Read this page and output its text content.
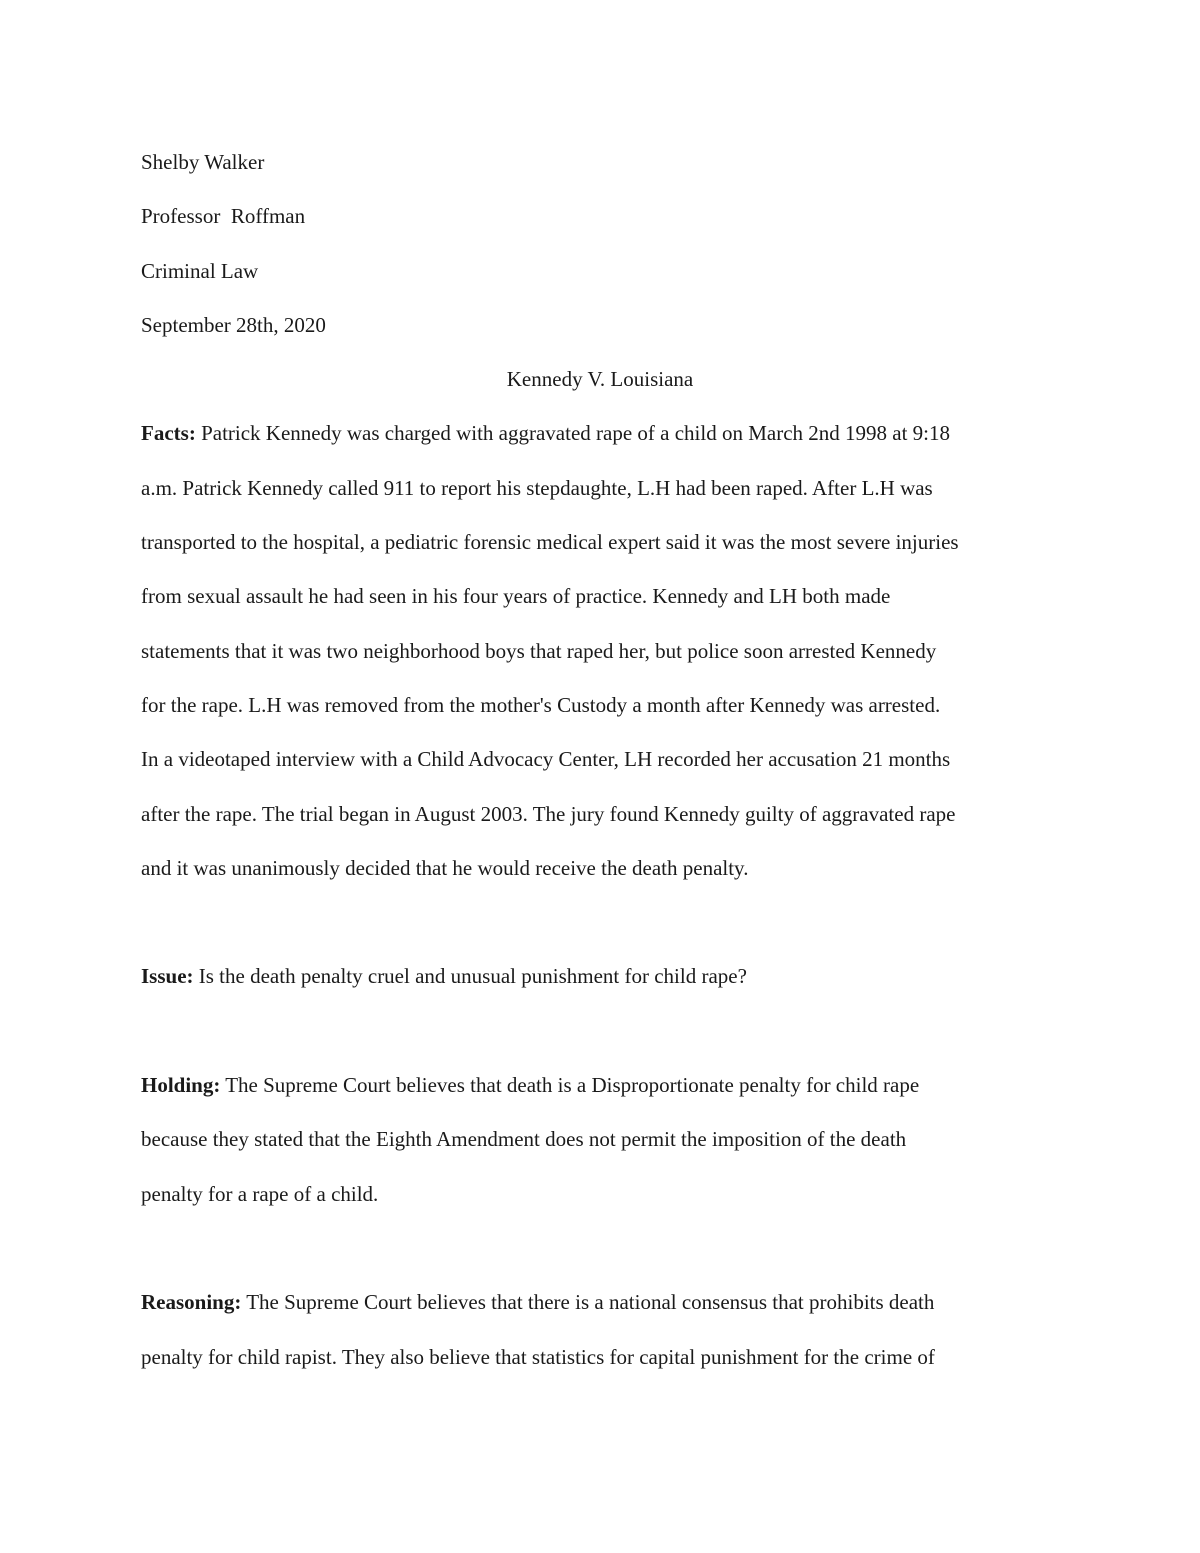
Shelby Walker

Professor  Roffman

Criminal Law

September 28th, 2020

Kennedy V. Louisiana

Facts: Patrick Kennedy was charged with aggravated rape of a child on March 2nd 1998 at 9:18

a.m. Patrick Kennedy called 911 to report his stepdaughte, L.H had been raped. After L.H was

transported to the hospital, a pediatric forensic medical expert said it was the most severe injuries

from sexual assault he had seen in his four years of practice. Kennedy and LH both made

statements that it was two neighborhood boys that raped her, but police soon arrested Kennedy

for the rape. L.H was removed from the mother's Custody a month after Kennedy was arrested.

In a videotaped interview with a Child Advocacy Center, LH recorded her accusation 21 months

after the rape. The trial began in August 2003. The jury found Kennedy guilty of aggravated rape

and it was unanimously decided that he would receive the death penalty.

Issue: Is the death penalty cruel and unusual punishment for child rape?

Holding: The Supreme Court believes that death is a Disproportionate penalty for child rape

because they stated that the Eighth Amendment does not permit the imposition of the death

penalty for a rape of a child.

Reasoning: The Supreme Court believes that there is a national consensus that prohibits death

penalty for child rapist. They also believe that statistics for capital punishment for the crime of
